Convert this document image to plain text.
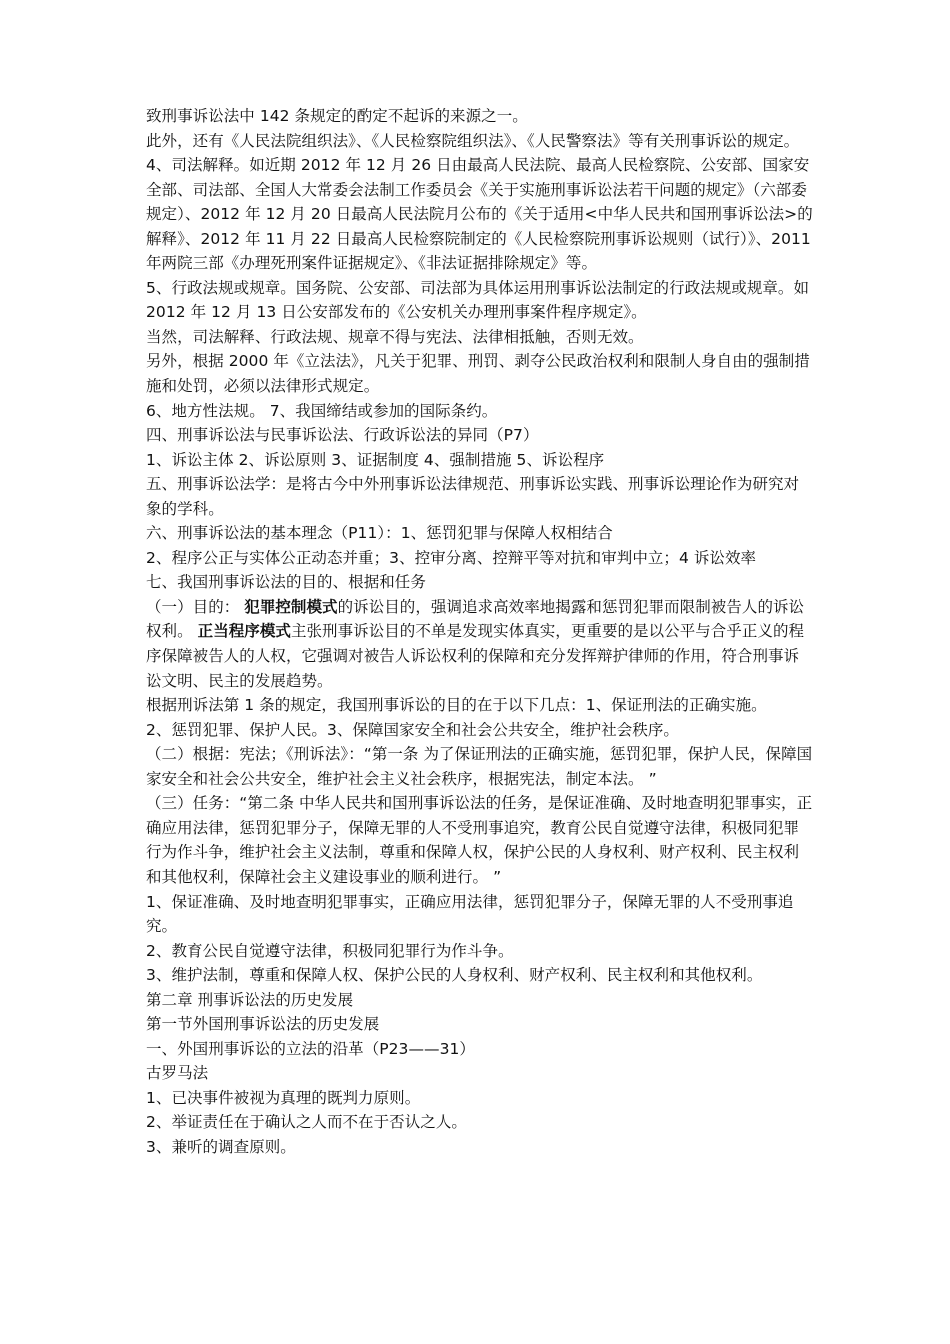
致刑事诉讼法中 142 条规定的酌定不起诉的来源之一。

此外，还有《人民法院组织法》、《人民检察院组织法》、《人民警察法》等有关刑事诉讼的规定。

4、司法解释。如近期 2012 年 12 月 26 日由最高人民法院、最高人民检察院、公安部、国家安全部、司法部、全国人大常委会法制工作委员会《关于实施刑事诉讼法若干问题的规定》（六部委规定）、2012 年 12 月 20 日最高人民法院月公布的《关于适用<中华人民共和国刑事诉讼法>的解释》、2012 年 11 月 22 日最高人民检察院制定的《人民检察院刑事诉讼规则（试行）》、2011 年两院三部《办理死刑案件证据规定》、《非法证据排除规定》等。

5、行政法规或规章。国务院、公安部、司法部为具体运用刑事诉讼法制定的行政法规或规章。如 2012 年 12 月 13 日公安部发布的《公安机关办理刑事案件程序规定》。

当然，司法解释、行政法规、规章不得与宪法、法律相抵触，否则无效。

另外，根据 2000 年《立法法》，凡关于犯罪、刑罚、剥夺公民政治权利和限制人身自由的强制措施和处罚，必须以法律形式规定。

6、地方性法规。 7、我国缔结或参加的国际条约。

四、刑事诉讼法与民事诉讼法、行政诉讼法的异同（P7）

1、诉讼主体 2、诉讼原则 3、证据制度 4、强制措施 5、诉讼程序

五、刑事诉讼法学：是将古今中外刑事诉讼法律规范、刑事诉讼实践、刑事诉讼理论作为研究对象的学科。

六、刑事诉讼法的基本理念（P11）：1、惩罚犯罪与保障人权相结合

2、程序公正与实体公正动态并重；3、控审分离、控辩平等对抗和审判中立；4 诉讼效率

七、我国刑事诉讼法的目的、根据和任务

（一）目的： 犯罪控制模式的诉讼目的，强调追求高效率地揭露和惩罚犯罪而限制被告人的诉讼权利。 正当程序模式主张刑事诉讼目的不单是发现实体真实，更重要的是以公平与合乎正义的程序保障被告人的人权，它强调对被告人诉讼权利的保障和充分发挥辩护律师的作用，符合刑事诉讼文明、民主的发展趋势。

根据刑诉法第 1 条的规定，我国刑事诉讼的目的在于以下几点：1、保证刑法的正确实施。

2、惩罚犯罪、保护人民。3、保障国家安全和社会公共安全，维护社会秩序。

（二）根据：宪法；《刑诉法》：“第一条 为了保证刑法的正确实施，惩罚犯罪，保护人民，保障国家安全和社会公共安全，维护社会主义社会秩序，根据宪法，制定本法。 ”

（三）任务：“第二条 中华人民共和国刑事诉讼法的任务，是保证准确、及时地查明犯罪事实，正确应用法律，惩罚犯罪分子，保障无罪的人不受刑事追究，教育公民自觉遵守法律，积极同犯罪行为作斗争，维护社会主义法制，尊重和保障人权，保护公民的人身权利、财产权利、民主权利和其他权利，保障社会主义建设事业的顺利进行。 ”

1、保证准确、及时地查明犯罪事实，正确应用法律，惩罚犯罪分子，保障无罪的人不受刑事追究。

2、教育公民自觉遵守法律，积极同犯罪行为作斗争。

3、维护法制，尊重和保障人权、保护公民的人身权利、财产权利、民主权利和其他权利。

第二章 刑事诉讼法的历史发展

第一节外国刑事诉讼法的历史发展

一、外国刑事诉讼的立法的沿革（P23——31）

古罗马法

1、已决事件被视为真理的既判力原则。

2、举证责任在于确认之人而不在于否认之人。

3、兼听的调查原则。
